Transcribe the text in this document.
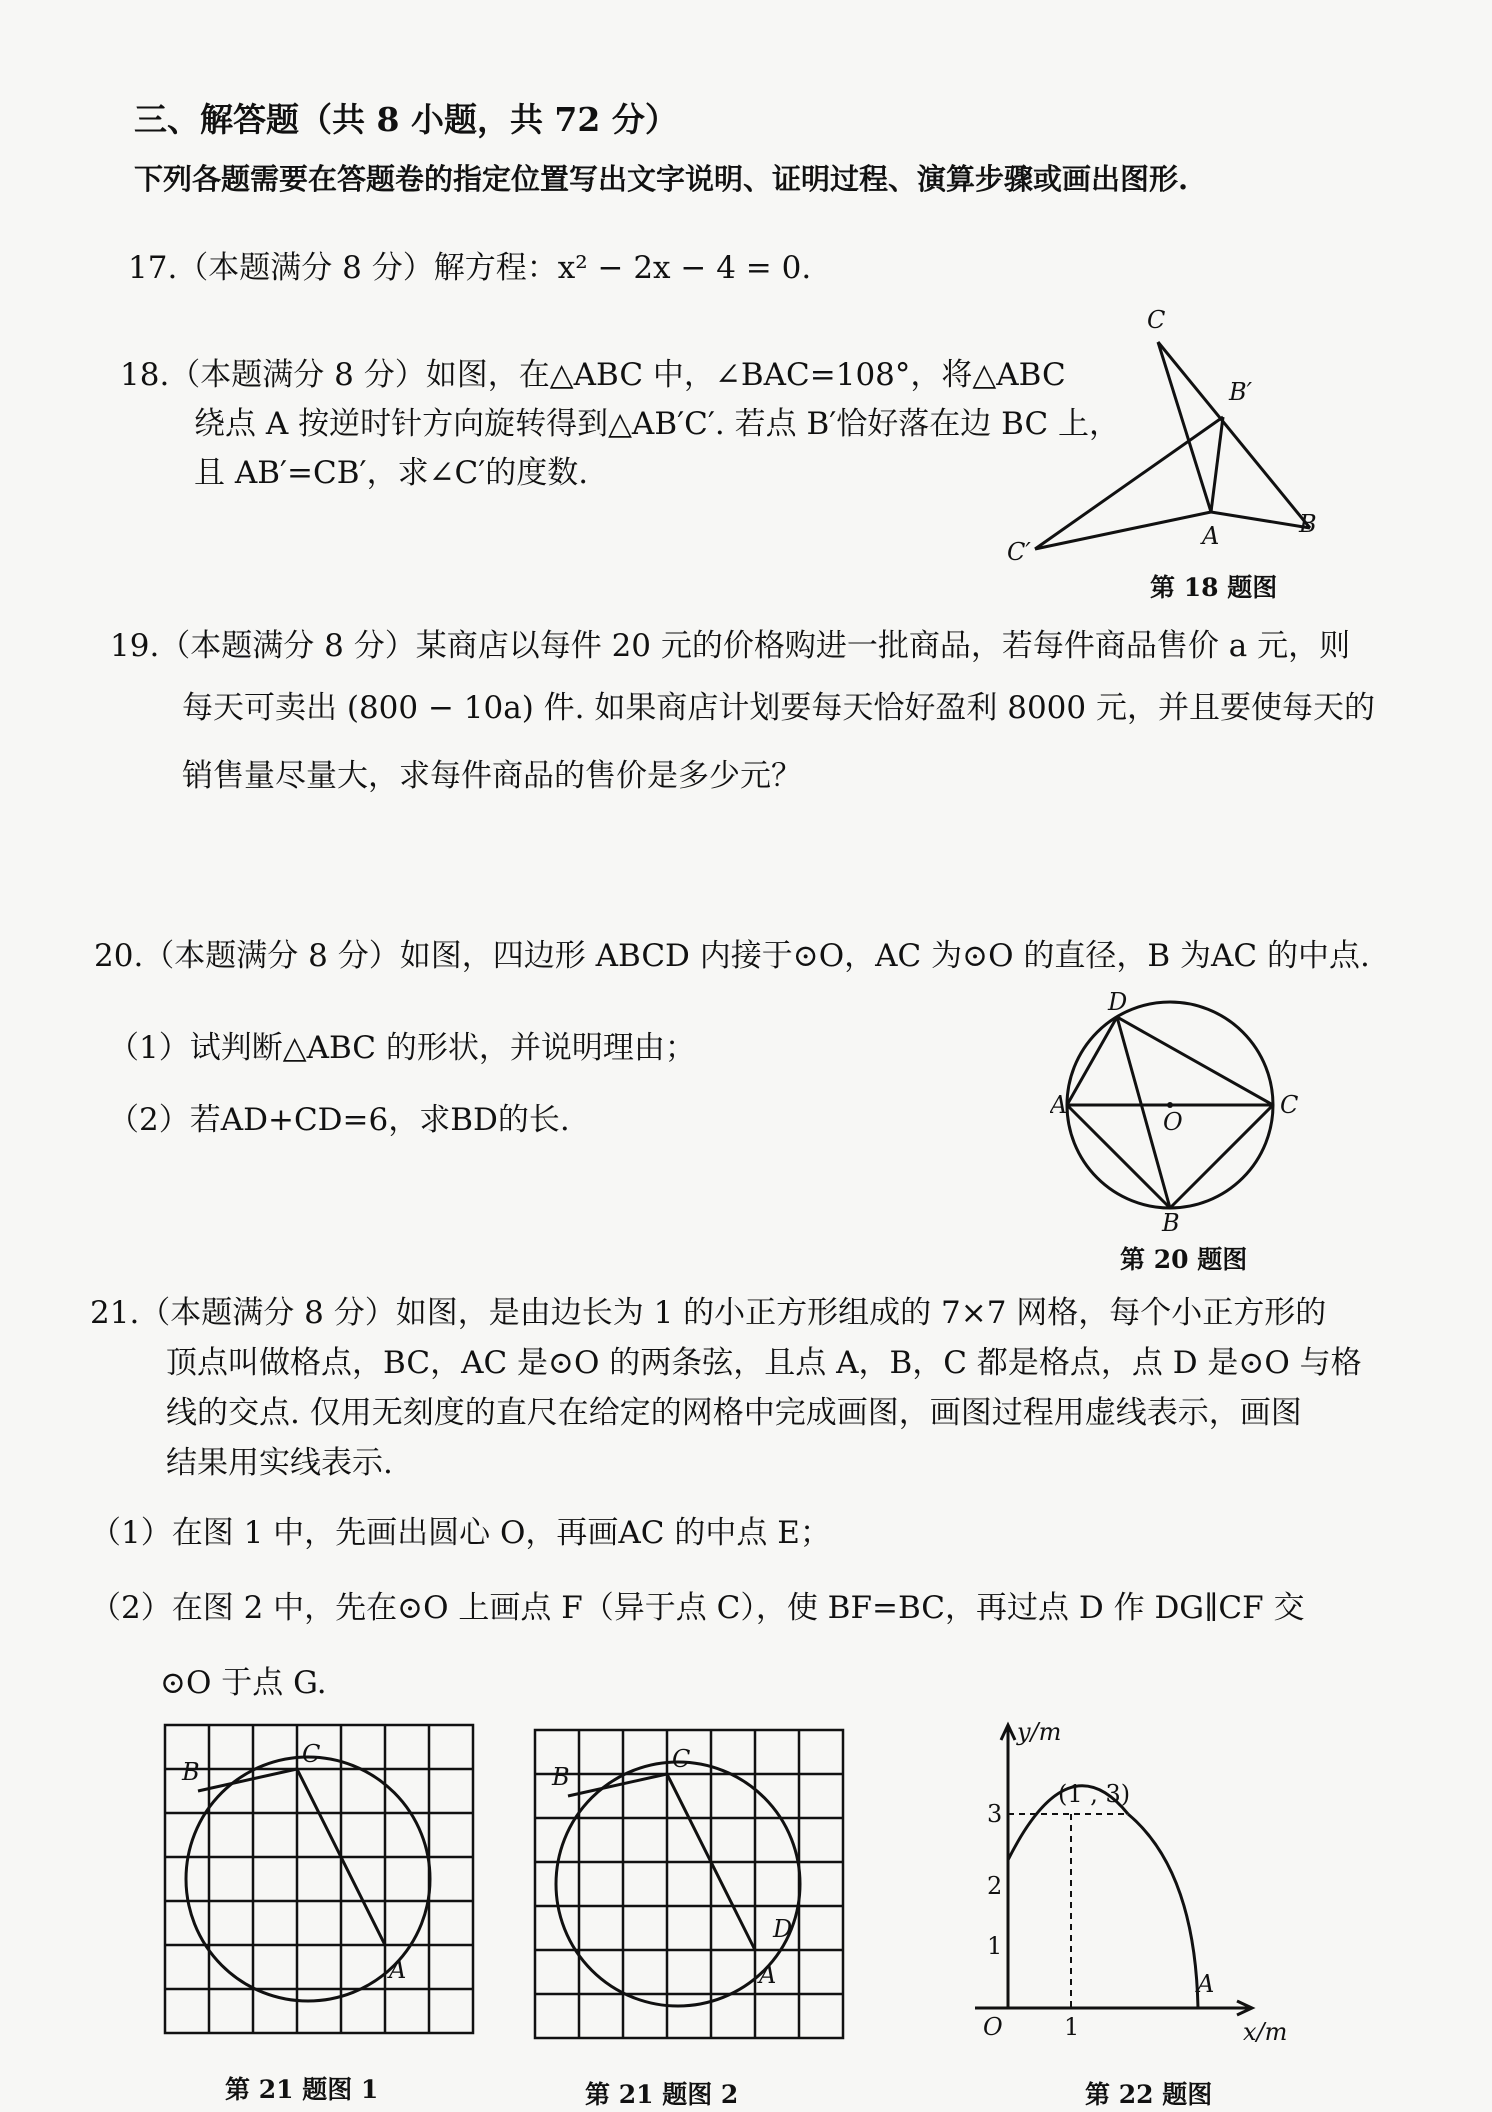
三、解答题（共 8 小题，共 72 分）
下列各题需要在答题卷的指定位置写出文字说明、证明过程、演算步骤或画出图形.
17.（本题满分 8 分）解方程：x² − 2x − 4 = 0.
18.（本题满分 8 分）如图，在△ABC 中，∠BAC=108°，将△ABC
绕点 A 按逆时针方向旋转得到△AB′C′. 若点 B′恰好落在边 BC 上，
且 AB′=CB′，求∠C′的度数.
C
B′
A	B
C′
第 18 题图
19.（本题满分 8 分）某商店以每件 20 元的价格购进一批商品，若每件商品售价 a 元，则
每天可卖出 (800 − 10a) 件. 如果商店计划要每天恰好盈利 8000 元，并且要使每天的
销售量尽量大，求每件商品的售价是多少元？
20.（本题满分 8 分）如图，四边形 ABCD 内接于⊙O，AC 为⊙O 的直径，B 为AC 的中点.
（1）试判断△ABC 的形状，并说明理由；
（2）若AD+CD=6，求BD的长.
D
A
O
C
B
第 20 题图
21.（本题满分 8 分）如图，是由边长为 1 的小正方形组成的 7×7 网格，每个小正方形的
顶点叫做格点，BC，AC 是⊙O 的两条弦，且点 A，B，C 都是格点，点 D 是⊙O 与格
线的交点. 仅用无刻度的直尺在给定的网格中完成画图，画图过程用虚线表示，画图
结果用实线表示.
（1）在图 1 中，先画出圆心 O，再画AC 的中点 E；
（2）在图 2 中，先在⊙O 上画点 F（异于点 C），使 BF=BC，再过点 D 作 DG∥CF 交
⊙O 于点 G.
C
B
A
第 21 题图 1
C
B
D
A
第 21 题图 2
y/m
x/m
O
(1 , 3)
1
2
3
1
A
第 22 题图
